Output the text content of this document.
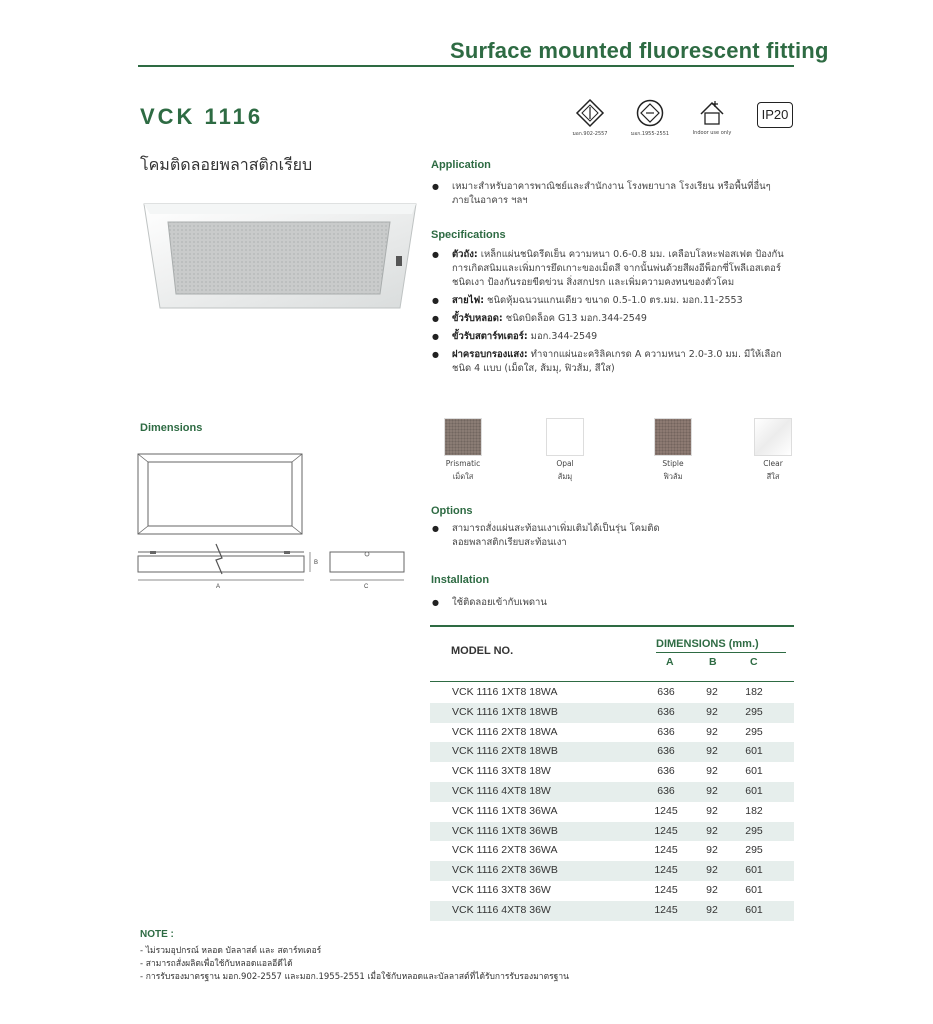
Surface mounted fluorescent fitting
VCK 1116
โคมติดลอยพลาสติกเรียบ
มอก.902-2557	มอก.1955-2551	Indoor use only
IP20
Dimensions
B
A	C
Application
● เหมาะสำหรับอาคารพาณิชย์และสำนักงาน โรงพยาบาล โรงเรียน หรือพื้นที่อื่นๆ ภายในอาคาร ฯลฯ
Specifications
● ตัวถัง: เหล็กแผ่นชนิดรีดเย็น ความหนา 0.6-0.8 มม. เคลือบโลหะฟอสเฟต ป้องกันการเกิดสนิมและเพิ่มการยึดเกาะของเม็ดสี จากนั้นพ่นด้วยสีผงอีพ็อกซี่โพลีเอสเตอร์ชนิดเงา ป้องกันรอยขีดข่วน สิ่งสกปรก และเพิ่มความคงทนของตัวโคม
● สายไฟ: ชนิดหุ้มฉนวนแกนเดียว ขนาด 0.5-1.0 ตร.มม. มอก.11-2553
● ขั้วรับหลอด: ชนิดบิดล็อค G13 มอก.344-2549
● ขั้วรับสตาร์ทเตอร์: มอก.344-2549
● ฝาครอบกรองแสง: ทำจากแผ่นอะคริลิคเกรด A ความหนา 2.0-3.0 มม. มีให้เลือกชนิด 4 แบบ (เม็ดใส, ส้มมุ, ฟิวส้ม, สีใส)
Prismatic
เม็ดใส
Opal
ส้มมุ
Stiple
ฟิวส้ม
Clear
สีใส
Options
● สามารถสั่งแผ่นสะท้อนเงาเพิ่มเติมได้เป็นรุ่น โคมติดลอยพลาสติกเรียบสะท้อนเงา
Installation
● ใช้ติดลอยเข้ากับเพดาน
MODEL NO.
DIMENSIONS (mm.)
A	B	C
VCK 1116 1XT8 18WA	636	92	182
VCK 1116 1XT8 18WB	636	92	295
VCK 1116 2XT8 18WA	636	92	295
VCK 1116 2XT8 18WB	636	92	601
VCK 1116 3XT8 18W	636	92	601
VCK 1116 4XT8 18W	636	92	601
VCK 1116 1XT8 36WA	1245	92	182
VCK 1116 1XT8 36WB	1245	92	295
VCK 1116 2XT8 36WA	1245	92	295
VCK 1116 2XT8 36WB	1245	92	601
VCK 1116 3XT8 36W	1245	92	601
VCK 1116 4XT8 36W	1245	92	601
NOTE :
- ไม่รวมอุปกรณ์ หลอด บัลลาสต์ และ สตาร์ทเตอร์
- สามารถสั่งผลิตเพื่อใช้กับหลอดแอลอีดีได้
- การรับรองมาตรฐาน มอก.902-2557 และมอก.1955-2551 เมื่อใช้กับหลอดและบัลลาสต์ที่ได้รับการรับรองมาตรฐาน
